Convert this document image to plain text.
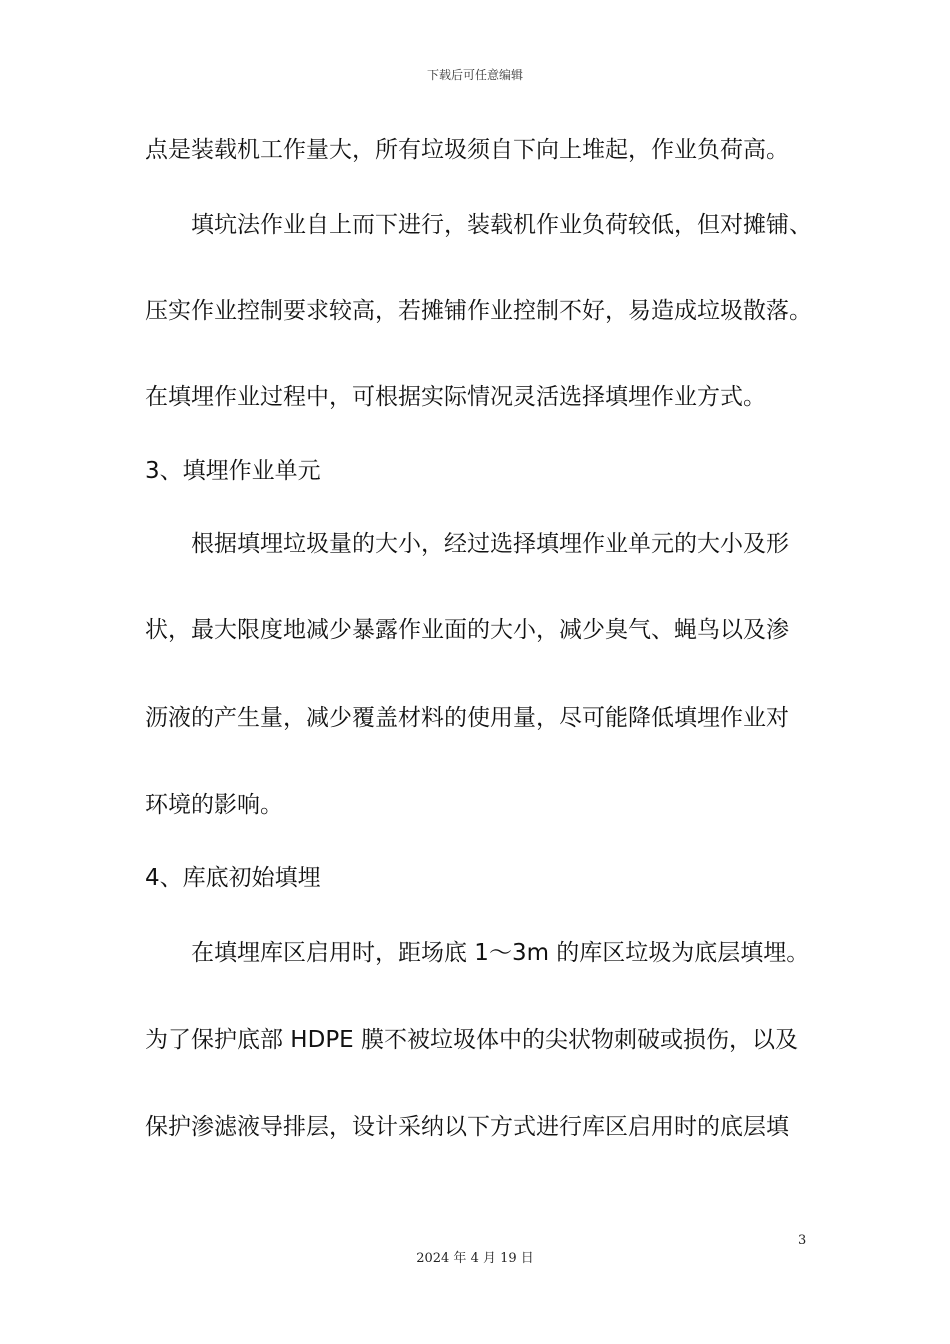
下载后可任意编辑
点是装载机工作量大，所有垃圾须自下向上堆起，作业负荷高。
　　填坑法作业自上而下进行，装载机作业负荷较低，但对摊铺、
压实作业控制要求较高，若摊铺作业控制不好，易造成垃圾散落。
在填埋作业过程中，可根据实际情况灵活选择填埋作业方式。
3、填埋作业单元
　　根据填埋垃圾量的大小，经过选择填埋作业单元的大小及形
状，最大限度地减少暴露作业面的大小，减少臭气、蝇鸟以及渗
沥液的产生量，减少覆盖材料的使用量，尽可能降低填埋作业对
环境的影响。
4、库底初始填埋
　　在填埋库区启用时，距场底 1～3m 的库区垃圾为底层填埋。
为了保护底部 HDPE 膜不被垃圾体中的尖状物刺破或损伤，以及
保护渗滤液导排层，设计采纳以下方式进行库区启用时的底层填
3
2024 年 4 月 19 日
